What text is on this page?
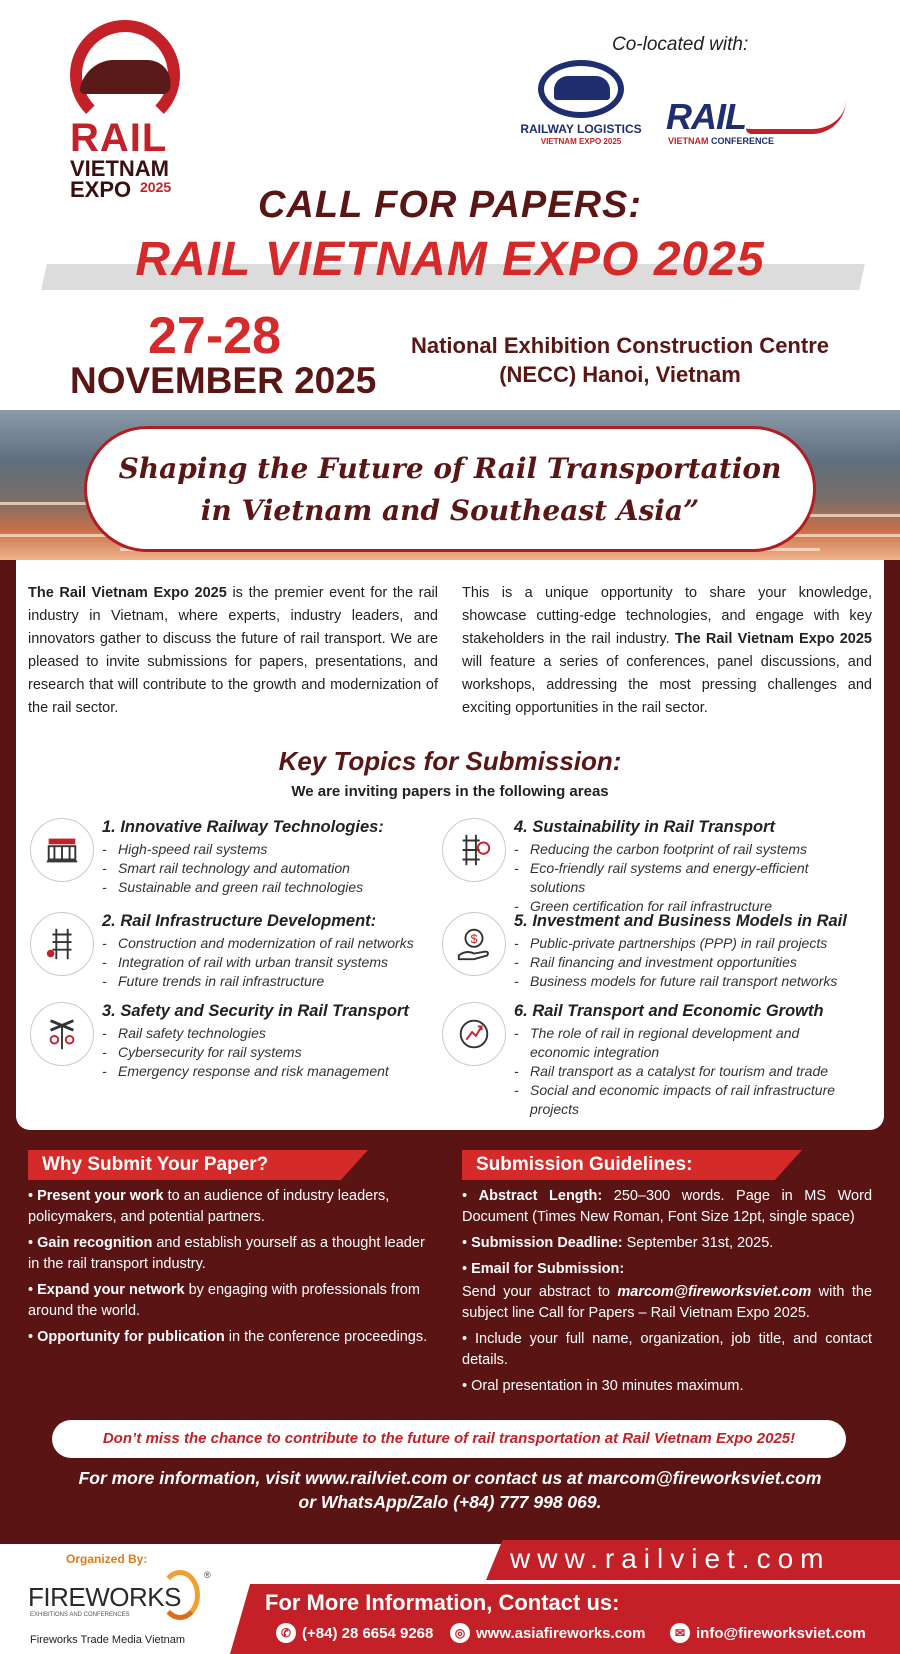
RAIL
VIETNAM
EXPO 2025
Co-located with:
RAILWAY LOGISTICS
VIETNAM EXPO 2025
RAIL
VIETNAM CONFERENCE
CALL FOR PAPERS:
RAIL VIETNAM EXPO 2025
27-28
NOVEMBER 2025
National Exhibition Construction Centre
(NECC) Hanoi, Vietnam
Shaping the Future of Rail Transportation
in Vietnam and Southeast Asia”
The Rail Vietnam Expo 2025 is the premier event for the rail industry in Vietnam, where experts, industry leaders, and innovators gather to discuss the future of rail transport. We are pleased to invite submissions for papers, presentations, and research that will contribute to the growth and modernization of the rail sector.
This is a unique opportunity to share your knowledge, showcase cutting-edge technologies, and engage with key stakeholders in the rail industry. The Rail Vietnam Expo 2025 will feature a series of conferences, panel discussions, and workshops, addressing the most pressing challenges and exciting opportunities in the rail sector.
Key Topics for Submission:
We are inviting papers in the following areas
1. Innovative Railway Technologies:
- High-speed rail systems
- Smart rail technology and automation
- Sustainable and green rail technologies
2. Rail Infrastructure Development:
- Construction and modernization of rail networks
- Integration of rail with urban transit systems
- Future trends in rail infrastructure
3. Safety and Security in Rail Transport
- Rail safety technologies
- Cybersecurity for rail systems
- Emergency response and risk management
4. Sustainability in Rail Transport
- Reducing the carbon footprint of rail systems
- Eco-friendly rail systems and energy-efficient solutions
- Green certification for rail infrastructure
$
5. Investment and Business Models in Rail
- Public-private partnerships (PPP) in rail projects
- Rail financing and investment opportunities
- Business models for future rail transport networks
6. Rail Transport and Economic Growth
- The role of rail in regional development and economic integration
- Rail transport as a catalyst for tourism and trade
- Social and economic impacts of rail infrastructure projects
Why Submit Your Paper?	Submission Guidelines:

• Present your work to an audience of industry leaders, policymakers, and potential partners.

• Gain recognition and establish yourself as a thought leader in the rail transport industry.

• Expand your network by engaging with professionals from around the world.

• Opportunity for publication in the conference proceedings.

• Abstract Length: 250–300 words. Page in MS Word Document (Times New Roman, Font Size 12pt, single space)

• Submission Deadline: September 31st, 2025.

• Email for Submission:

Send your abstract to marcom@fireworksviet.com with the subject line Call for Papers – Rail Vietnam Expo 2025.

• Include your full name, organization, job title, and contact details.

• Oral presentation in 30 minutes maximum.

Don’t miss the chance to contribute to the future of rail transportation at Rail Vietnam Expo 2025!
For more information, visit www.railviet.com or contact us at marcom@fireworksviet.com
or WhatsApp/Zalo (+84) 777 998 069.
Organized By:
FIREWORKS
EXHIBITIONS AND CONFERENCES
®
Fireworks Trade Media Vietnam
www.railviet.com
For More Information, Contact us:
✆ (+84) 28 6654 9268	◎ www.asiafireworks.com	✉ info@fireworksviet.com
